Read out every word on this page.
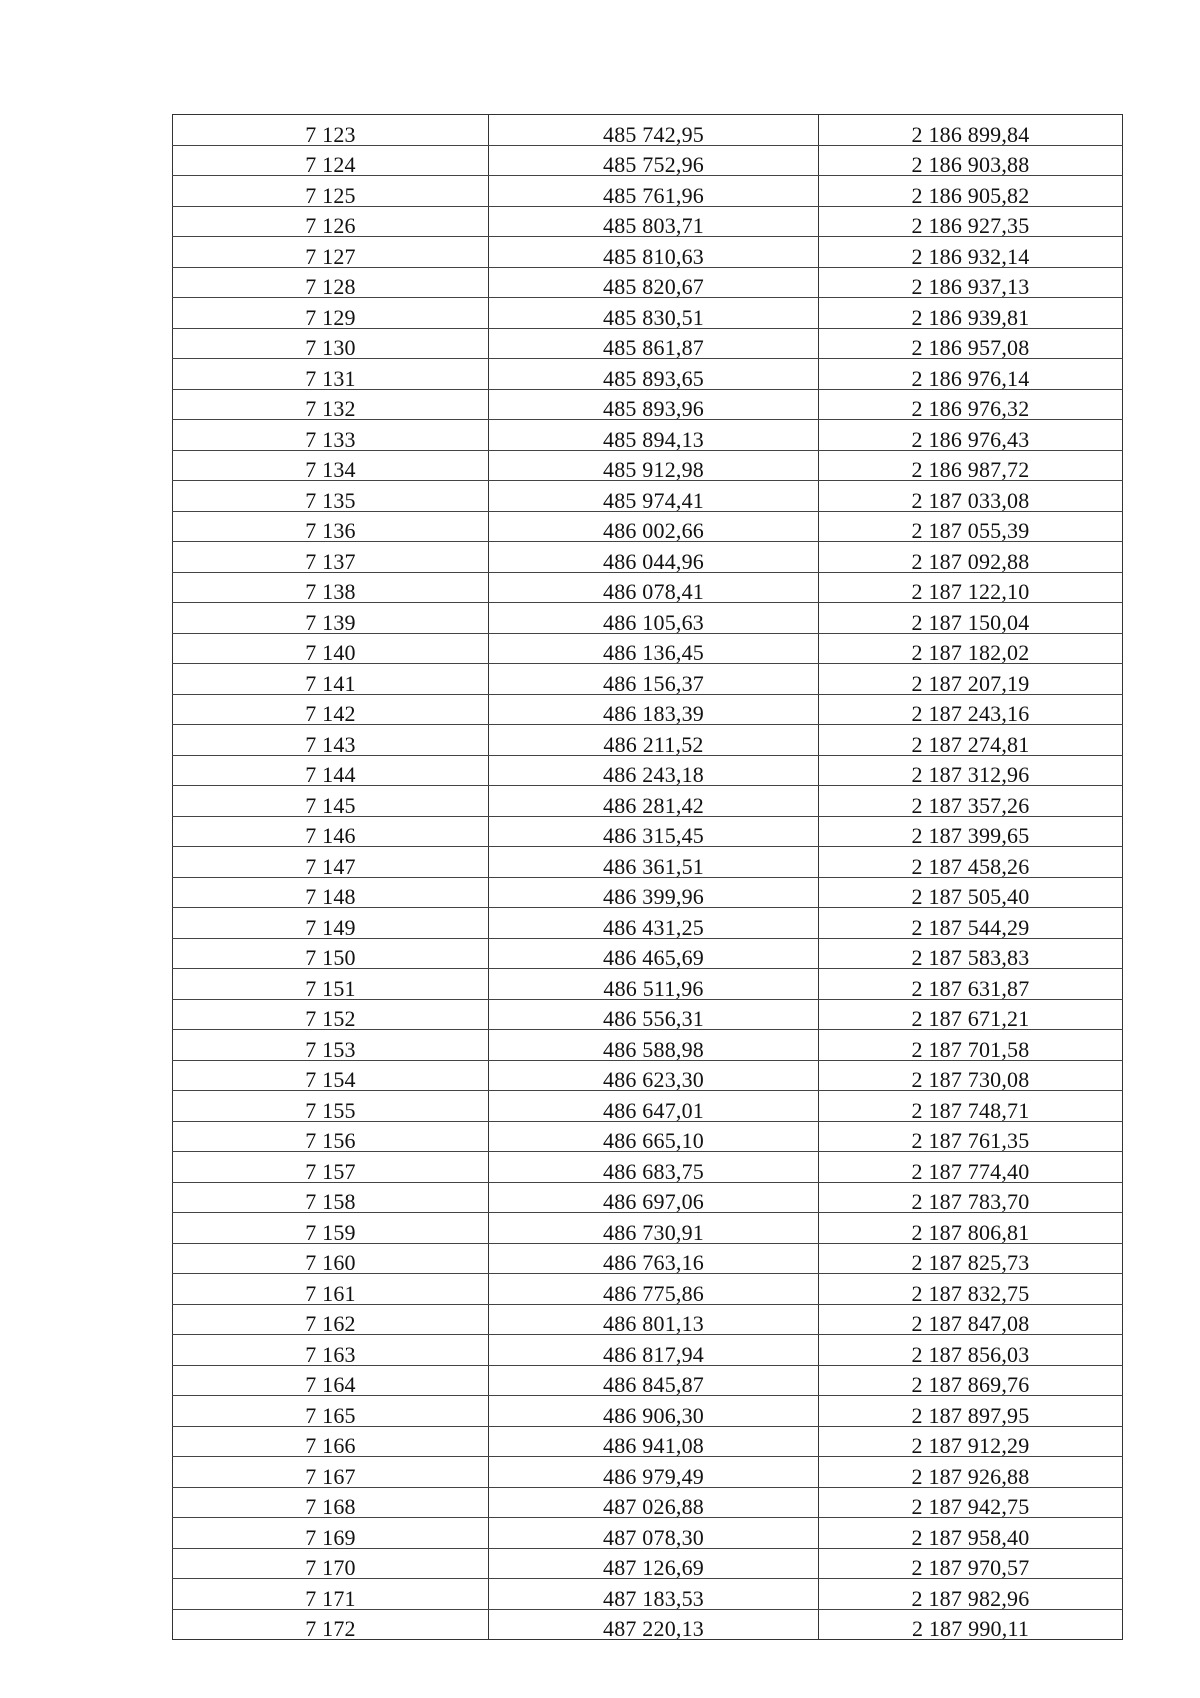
7 123	485 742,95	2 186 899,84
7 124	485 752,96	2 186 903,88
7 125	485 761,96	2 186 905,82
7 126	485 803,71	2 186 927,35
7 127	485 810,63	2 186 932,14
7 128	485 820,67	2 186 937,13
7 129	485 830,51	2 186 939,81
7 130	485 861,87	2 186 957,08
7 131	485 893,65	2 186 976,14
7 132	485 893,96	2 186 976,32
7 133	485 894,13	2 186 976,43
7 134	485 912,98	2 186 987,72
7 135	485 974,41	2 187 033,08
7 136	486 002,66	2 187 055,39
7 137	486 044,96	2 187 092,88
7 138	486 078,41	2 187 122,10
7 139	486 105,63	2 187 150,04
7 140	486 136,45	2 187 182,02
7 141	486 156,37	2 187 207,19
7 142	486 183,39	2 187 243,16
7 143	486 211,52	2 187 274,81
7 144	486 243,18	2 187 312,96
7 145	486 281,42	2 187 357,26
7 146	486 315,45	2 187 399,65
7 147	486 361,51	2 187 458,26
7 148	486 399,96	2 187 505,40
7 149	486 431,25	2 187 544,29
7 150	486 465,69	2 187 583,83
7 151	486 511,96	2 187 631,87
7 152	486 556,31	2 187 671,21
7 153	486 588,98	2 187 701,58
7 154	486 623,30	2 187 730,08
7 155	486 647,01	2 187 748,71
7 156	486 665,10	2 187 761,35
7 157	486 683,75	2 187 774,40
7 158	486 697,06	2 187 783,70
7 159	486 730,91	2 187 806,81
7 160	486 763,16	2 187 825,73
7 161	486 775,86	2 187 832,75
7 162	486 801,13	2 187 847,08
7 163	486 817,94	2 187 856,03
7 164	486 845,87	2 187 869,76
7 165	486 906,30	2 187 897,95
7 166	486 941,08	2 187 912,29
7 167	486 979,49	2 187 926,88
7 168	487 026,88	2 187 942,75
7 169	487 078,30	2 187 958,40
7 170	487 126,69	2 187 970,57
7 171	487 183,53	2 187 982,96
7 172	487 220,13	2 187 990,11
